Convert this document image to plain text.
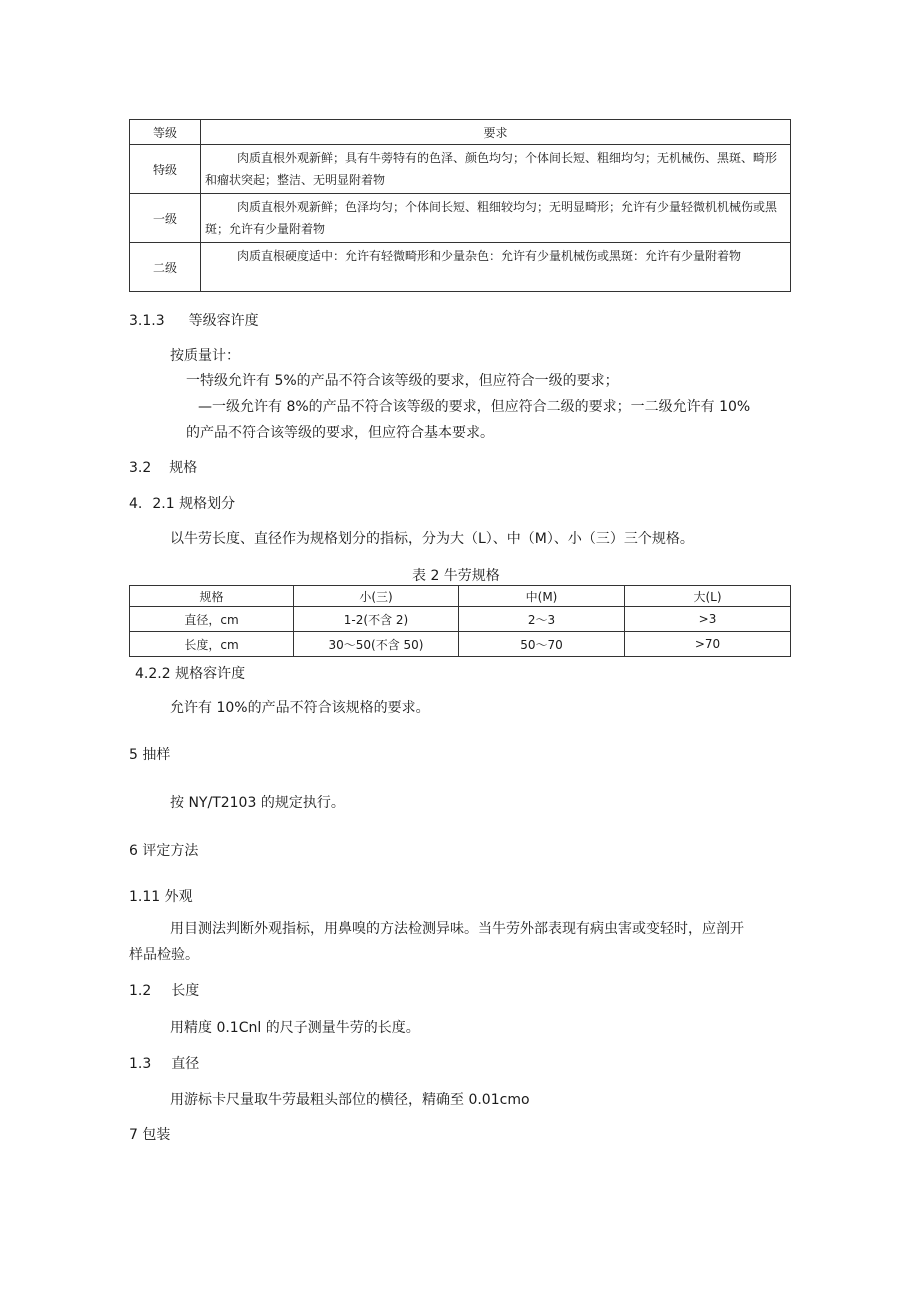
等级	要求
特级	肉质直根外观新鲜；具有牛蒡特有的色泽、颜色均匀；个体间长短、粗细均匀；无机械伤、黑斑、畸形和瘤状突起；整洁、无明显附着物
一级	肉质直根外观新鲜；色泽均匀；个体间长短、粗细较均匀；无明显畸形；允许有少量轻微机机械伤或黑斑；允许有少量附着物
二级	肉质直根硬度适中：允许有轻微畸形和少量杂色：允许有少量机械伤或黑斑：允许有少量附着物
3.1.3 等级容许度
按质量计：
一特级允许有 5%的产品不符合该等级的要求，但应符合一级的要求；
—一级允许有 8%的产品不符合该等级的要求，但应符合二级的要求；一二级允许有 10%
的产品不符合该等级的要求，但应符合基本要求。
3.2 规格
4. 2.1 规格划分
以牛劳长度、直径作为规格划分的指标，分为大（L）、中（M）、小（三）三个规格。
表 2 牛劳规格
规格	小(三)	中(M)	大(L)
直径，cm	1-2(不含 2)	2～3	>3
长度，cm	30～50(不含 50)	50～70	>70
4.2.2 规格容许度
允许有 10%的产品不符合该规格的要求。
5 抽样
按 NY/T2103 的规定执行。
6 评定方法
1.11 外观
用目测法判断外观指标，用鼻嗅的方法检测异味。当牛劳外部表现有病虫害或变轻时，应剖开
样品检验。
1.2 长度
用精度 0.1Cnl 的尺子测量牛劳的长度。
1.3 直径
用游标卡尺量取牛劳最粗头部位的横径，精确至 0.01cmo
7 包装
